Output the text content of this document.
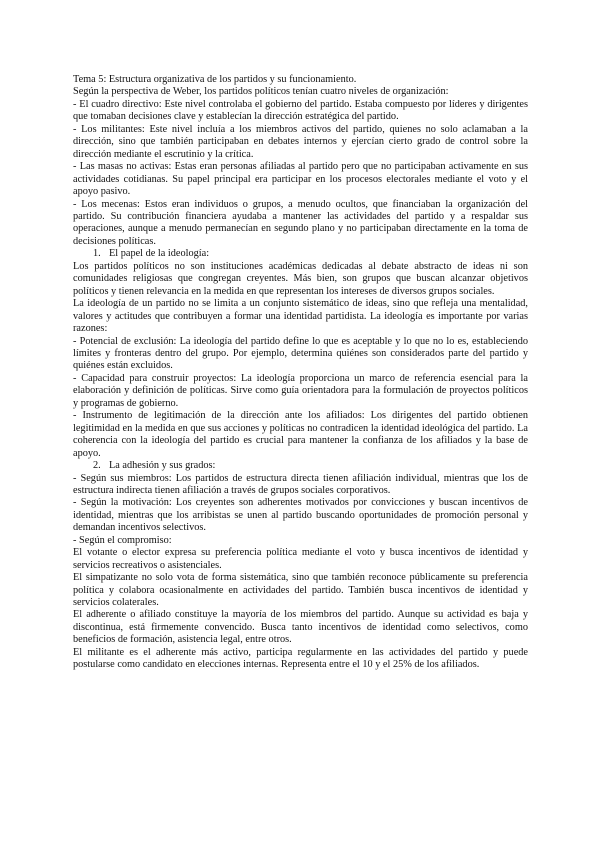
Tema 5: Estructura organizativa de los partidos y su funcionamiento.

Según la perspectiva de Weber, los partidos políticos tenían cuatro niveles de organización:

- El cuadro directivo: Este nivel controlaba el gobierno del partido. Estaba compuesto por líderes y dirigentes que tomaban decisiones clave y establecían la dirección estratégica del partido.

- Los militantes: Este nivel incluía a los miembros activos del partido, quienes no solo aclamaban a la dirección, sino que también participaban en debates internos y ejercían cierto grado de control sobre la dirección mediante el escrutinio y la crítica.

- Las masas no activas: Estas eran personas afiliadas al partido pero que no participaban activamente en sus actividades cotidianas. Su papel principal era participar en los procesos electorales mediante el voto y el apoyo pasivo.

- Los mecenas: Estos eran individuos o grupos, a menudo ocultos, que financiaban la organización del partido. Su contribución financiera ayudaba a mantener las actividades del partido y a respaldar sus operaciones, aunque a menudo permanecían en segundo plano y no participaban directamente en la toma de decisiones políticas.

1. El papel de la ideología:

Los partidos políticos no son instituciones académicas dedicadas al debate abstracto de ideas ni son comunidades religiosas que congregan creyentes. Más bien, son grupos que buscan alcanzar objetivos políticos y tienen relevancia en la medida en que representan los intereses de diversos grupos sociales.

La ideología de un partido no se limita a un conjunto sistemático de ideas, sino que refleja una mentalidad, valores y actitudes que contribuyen a formar una identidad partidista. La ideología es importante por varias razones:

- Potencial de exclusión: La ideología del partido define lo que es aceptable y lo que no lo es, estableciendo límites y fronteras dentro del grupo. Por ejemplo, determina quiénes son considerados parte del partido y quiénes están excluidos.

- Capacidad para construir proyectos: La ideología proporciona un marco de referencia esencial para la elaboración y definición de políticas. Sirve como guía orientadora para la formulación de proyectos políticos y programas de gobierno.

- Instrumento de legitimación de la dirección ante los afiliados: Los dirigentes del partido obtienen legitimidad en la medida en que sus acciones y políticas no contradicen la identidad ideológica del partido. La coherencia con la ideología del partido es crucial para mantener la confianza de los afiliados y la base de apoyo.

2. La adhesión y sus grados:

- Según sus miembros: Los partidos de estructura directa tienen afiliación individual, mientras que los de estructura indirecta tienen afiliación a través de grupos sociales corporativos.

- Según la motivación: Los creyentes son adherentes motivados por convicciones y buscan incentivos de identidad, mientras que los arribistas se unen al partido buscando oportunidades de promoción personal y demandan incentivos selectivos.

- Según el compromiso:

El votante o elector expresa su preferencia política mediante el voto y busca incentivos de identidad y servicios recreativos o asistenciales.

El simpatizante no solo vota de forma sistemática, sino que también reconoce públicamente su preferencia política y colabora ocasionalmente en actividades del partido. También busca incentivos de identidad y servicios colaterales.

El adherente o afiliado constituye la mayoría de los miembros del partido. Aunque su actividad es baja y discontinua, está firmemente convencido. Busca tanto incentivos de identidad como selectivos, como beneficios de formación, asistencia legal, entre otros.

El militante es el adherente más activo, participa regularmente en las actividades del partido y puede postularse como candidato en elecciones internas. Representa entre el 10 y el 25% de los afiliados.
